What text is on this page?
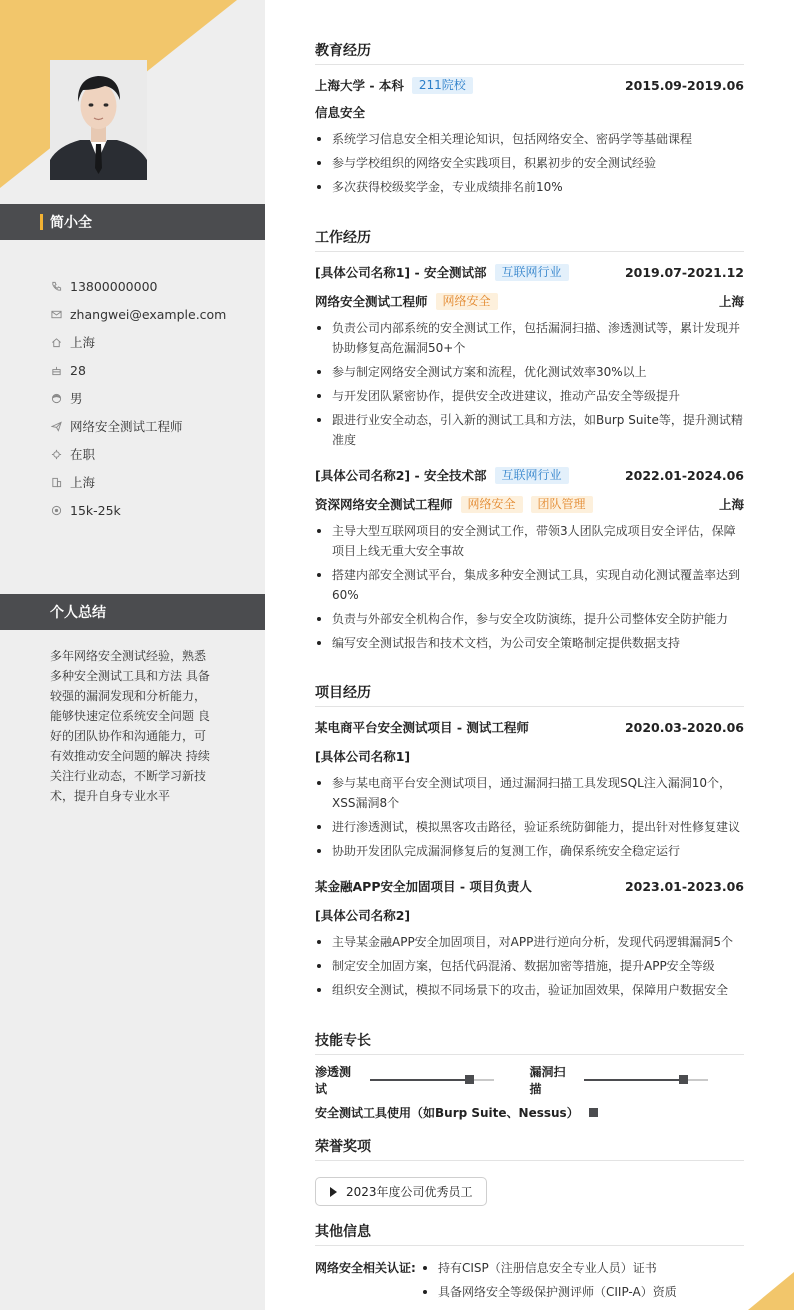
简小全
13800000000
zhangwei@example.com
上海
28
男
网络安全测试工程师
在职
上海
15k-25k
个人总结
多年网络安全测试经验，熟悉多种安全测试工具和方法 具备较强的漏洞发现和分析能力，能够快速定位系统安全问题 良好的团队协作和沟通能力，可有效推动安全问题的解决 持续关注行业动态，不断学习新技术，提升自身专业水平
教育经历
上海大学 - 本科	211院校	2015.09-2019.06
信息安全
系统学习信息安全相关理论知识，包括网络安全、密码学等基础课程
参与学校组织的网络安全实践项目，积累初步的安全测试经验
多次获得校级奖学金，专业成绩排名前10%
工作经历
[具体公司名称1] - 安全测试部	互联网行业	2019.07-2021.12
网络安全测试工程师	网络安全	上海
负责公司内部系统的安全测试工作，包括漏洞扫描、渗透测试等，累计发现并协助修复高危漏洞50+个
参与制定网络安全测试方案和流程，优化测试效率30%以上
与开发团队紧密协作，提供安全改进建议，推动产品安全等级提升
跟进行业安全动态，引入新的测试工具和方法，如Burp Suite等，提升测试精准度
[具体公司名称2] - 安全技术部	互联网行业	2022.01-2024.06
资深网络安全测试工程师	网络安全	团队管理	上海
主导大型互联网项目的安全测试工作，带领3人团队完成项目安全评估，保障项目上线无重大安全事故
搭建内部安全测试平台，集成多种安全测试工具，实现自动化测试覆盖率达到60%
负责与外部安全机构合作，参与安全攻防演练，提升公司整体安全防护能力
编写安全测试报告和技术文档，为公司安全策略制定提供数据支持
项目经历
某电商平台安全测试项目 - 测试工程师	2020.03-2020.06
[具体公司名称1]
参与某电商平台安全测试项目，通过漏洞扫描工具发现SQL注入漏洞10个，XSS漏洞8个
进行渗透测试，模拟黑客攻击路径，验证系统防御能力，提出针对性修复建议
协助开发团队完成漏洞修复后的复测工作，确保系统安全稳定运行
某金融APP安全加固项目 - 项目负责人	2023.01-2023.06
[具体公司名称2]
主导某金融APP安全加固项目，对APP进行逆向分析，发现代码逻辑漏洞5个
制定安全加固方案，包括代码混淆、数据加密等措施，提升APP安全等级
组织安全测试，模拟不同场景下的攻击，验证加固效果，保障用户数据安全
技能专长
渗透测试
漏洞扫描
安全测试工具使用（如Burp Suite、Nessus）
荣誉奖项
2023年度公司优秀员工
其他信息
网络安全相关认证:	持有CISP（注册信息安全专业人员）证书
具备网络安全等级保护测评师（CIIP-A）资质
